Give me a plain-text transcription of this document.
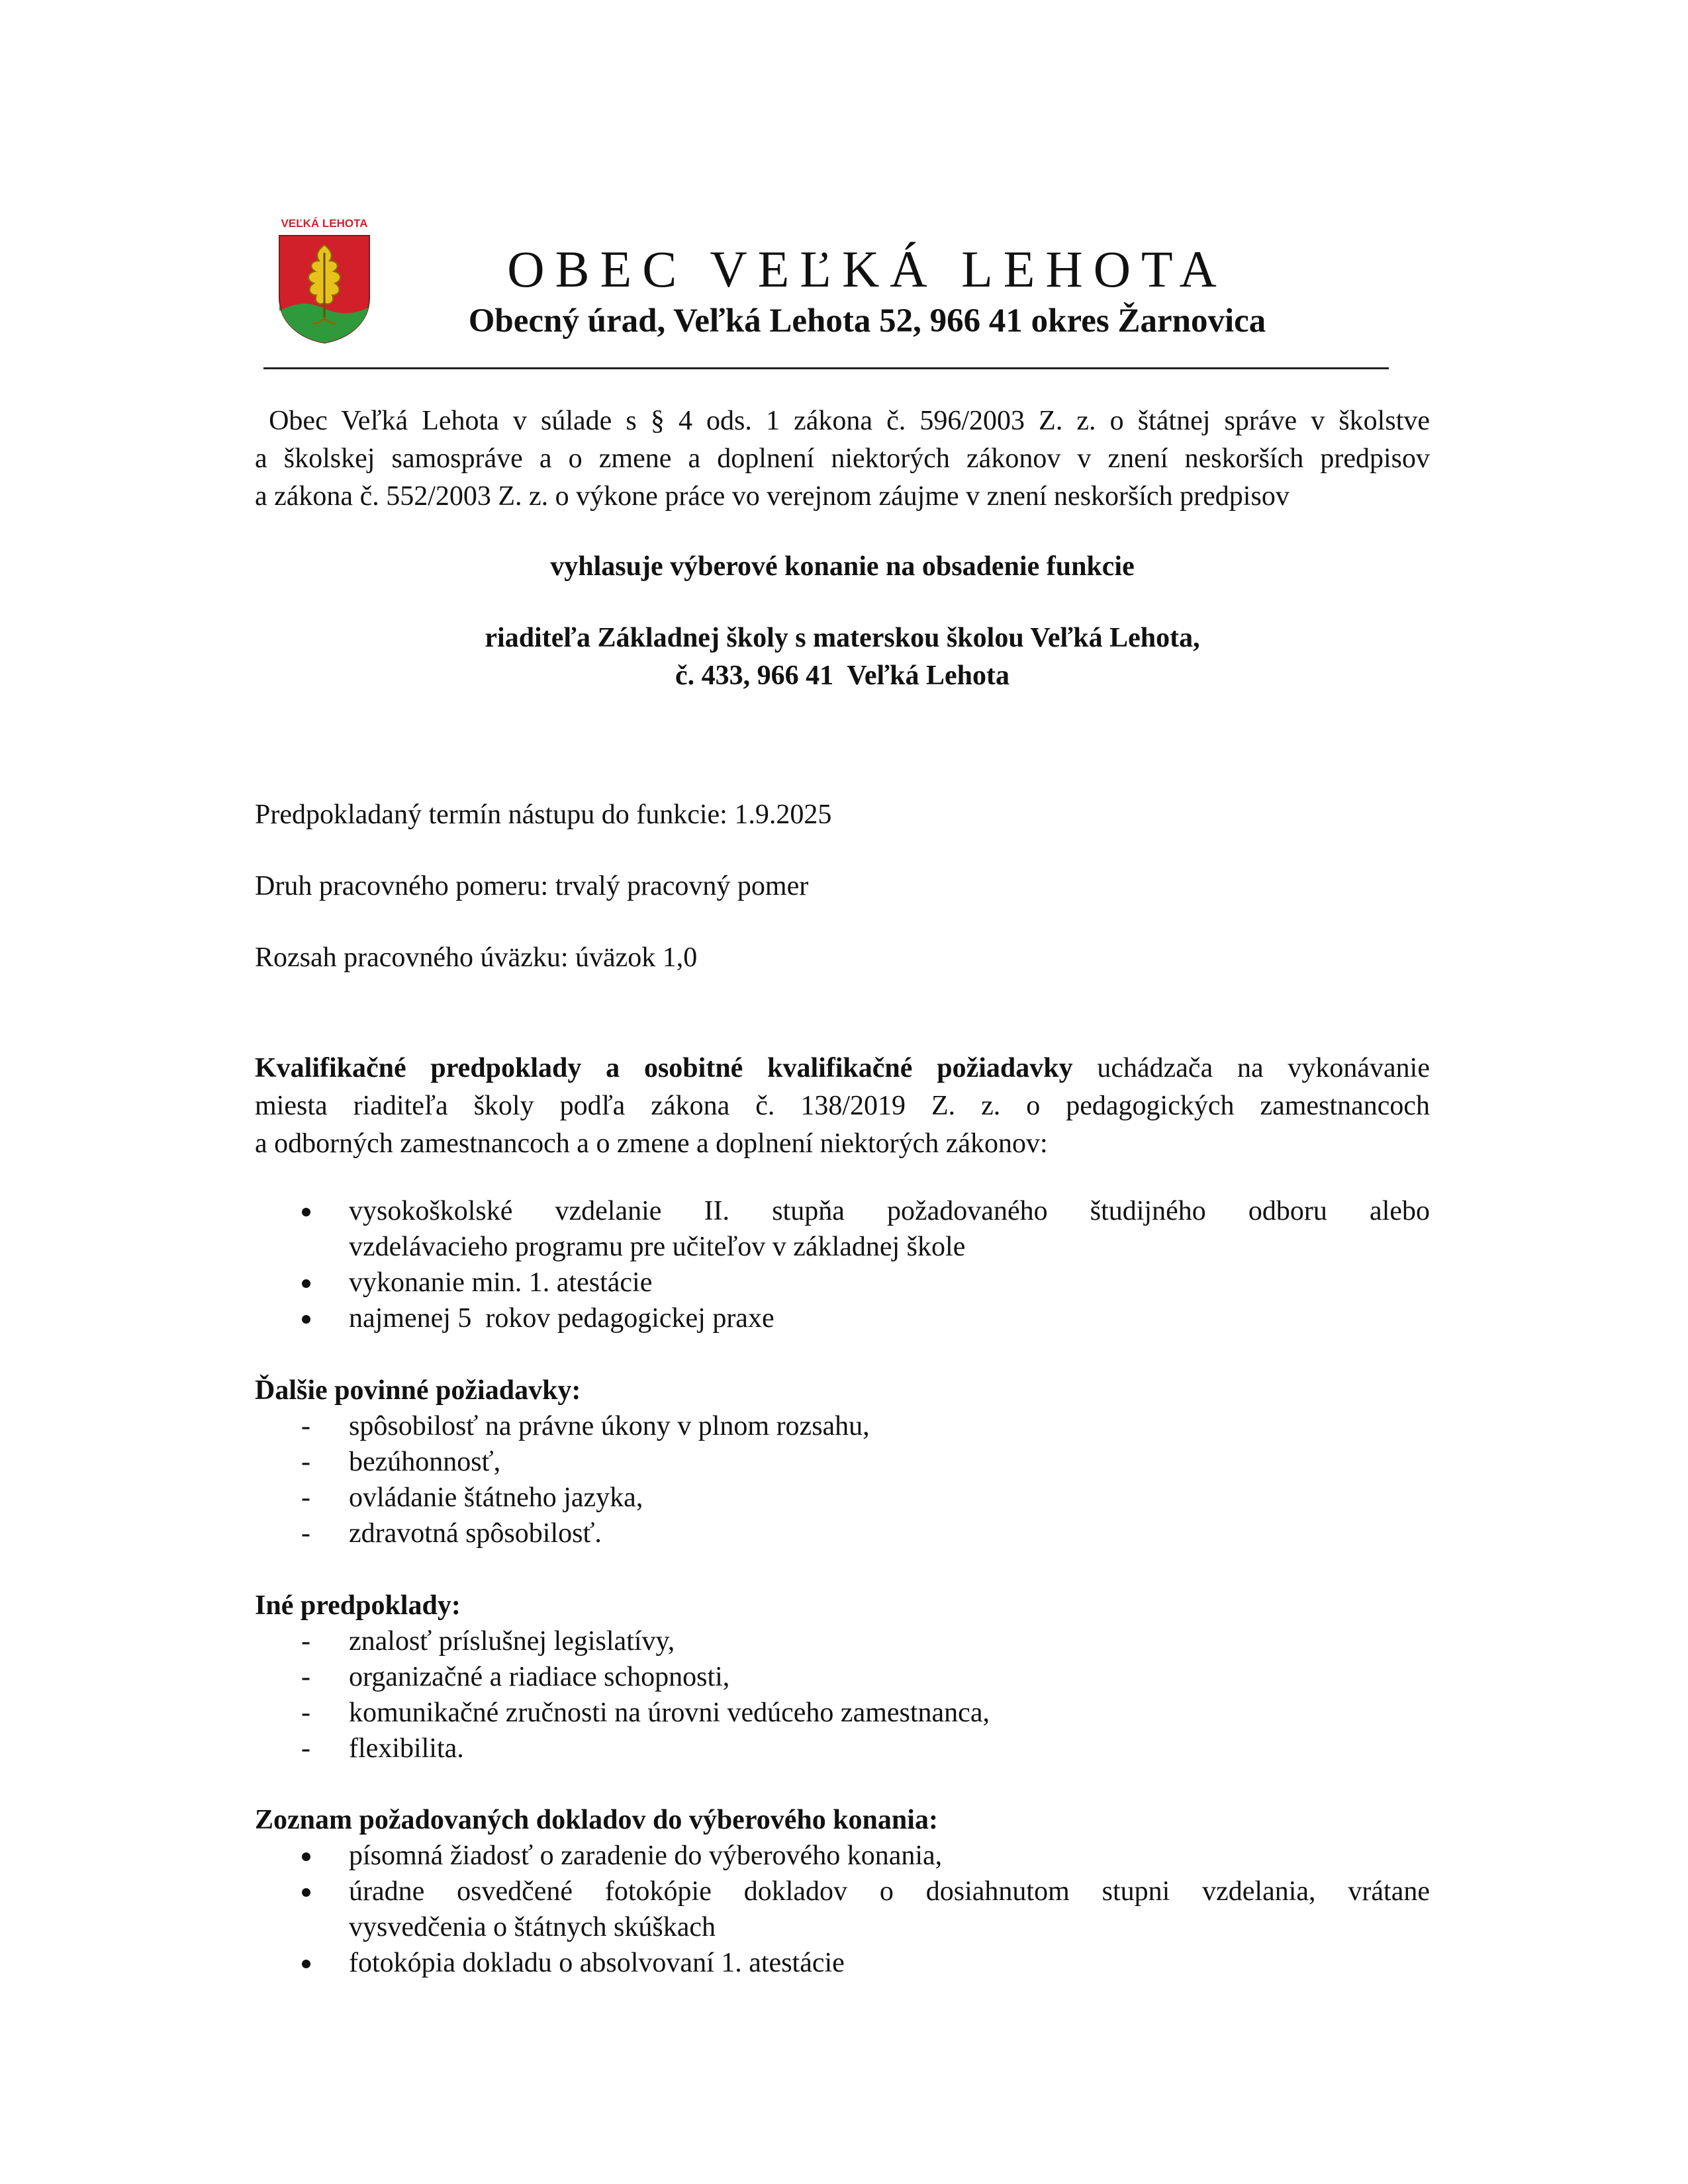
VEĽKÁ LEHOTA
OBEC VEĽKÁ LEHOTA
Obecný úrad, Veľká Lehota 52, 966 41 okres Žarnovica
Obec Veľká Lehota v súlade s § 4 ods. 1 zákona č. 596/2003 Z. z. o štátnej správe v školstve
a školskej samospráve a o zmene a doplnení niektorých zákonov v znení neskorších predpisov
a zákona č. 552/2003 Z. z. o výkone práce vo verejnom záujme v znení neskorších predpisov
vyhlasuje výberové konanie na obsadenie funkcie
riaditeľa Základnej školy s materskou školou Veľká Lehota,
č. 433, 966 41  Veľká Lehota
Predpokladaný termín nástupu do funkcie: 1.9.2025
Druh pracovného pomeru: trvalý pracovný pomer
Rozsah pracovného úväzku: úväzok 1,0
Kvalifikačné predpoklady a osobitné kvalifikačné požiadavky uchádzača na vykonávanie
miesta riaditeľa školy podľa zákona č. 138/2019 Z. z. o pedagogických zamestnancoch
a odborných zamestnancoch a o zmene a doplnení niektorých zákonov:
vysokoškolské vzdelanie II. stupňa požadovaného študijného odboru alebo
vzdelávacieho programu pre učiteľov v základnej škole
vykonanie min. 1. atestácie
najmenej 5  rokov pedagogickej praxe
Ďalšie povinné požiadavky:
- spôsobilosť na právne úkony v plnom rozsahu,
- bezúhonnosť,
- ovládanie štátneho jazyka,
- zdravotná spôsobilosť.
Iné predpoklady:
- znalosť príslušnej legislatívy,
- organizačné a riadiace schopnosti,
- komunikačné zručnosti na úrovni vedúceho zamestnanca,
- flexibilita.
Zoznam požadovaných dokladov do výberového konania:
písomná žiadosť o zaradenie do výberového konania,
úradne osvedčené fotokópie dokladov o dosiahnutom stupni vzdelania, vrátane
vysvedčenia o štátnych skúškach
fotokópia dokladu o absolvovaní 1. atestácie
